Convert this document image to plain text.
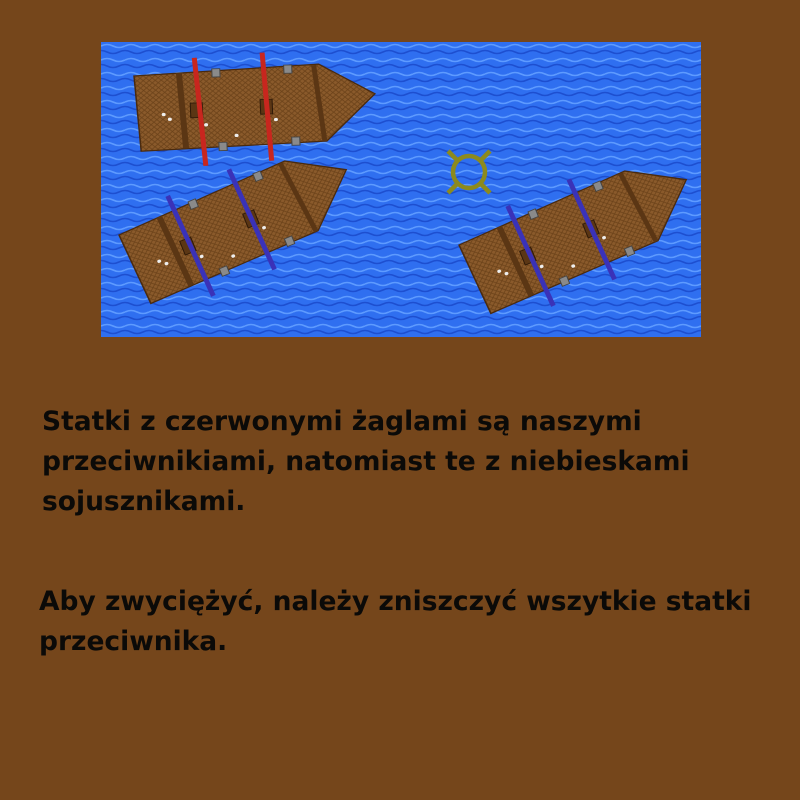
Statki z czerwonymi żaglami są naszymi przeciwnikiami, natomiast te z niebieskami sojusznikami.

Aby zwyciężyć, należy zniszczyć wszytkie statki przeciwnika.
